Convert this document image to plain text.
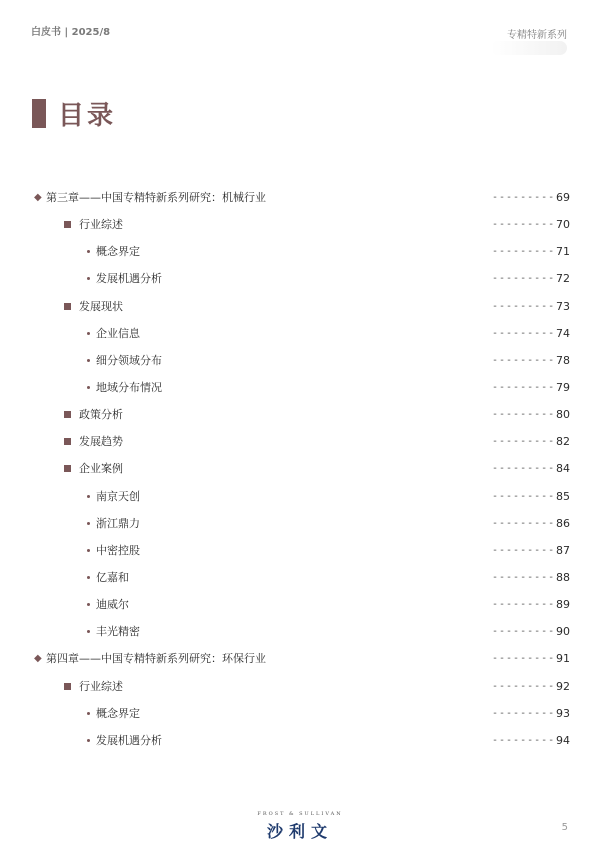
白皮书 | 2025/8	专精特新系列
目录
◆ 第三章——中国专精特新系列研究：机械行业	--------- 69
行业综述	--------- 70
概念界定	--------- 71
发展机遇分析	--------- 72
发展现状	--------- 73
企业信息	--------- 74
细分领域分布	--------- 78
地域分布情况	--------- 79
政策分析	--------- 80
发展趋势	--------- 82
企业案例	--------- 84
南京天创	--------- 85
浙江鼎力	--------- 86
中密控股	--------- 87
亿嘉和	--------- 88
迪威尔	--------- 89
丰光精密	--------- 90
◆ 第四章——中国专精特新系列研究：环保行业	--------- 91
行业综述	--------- 92
概念界定	--------- 93
发展机遇分析	--------- 94
FROST & SULLIVAN
沙利文	5
